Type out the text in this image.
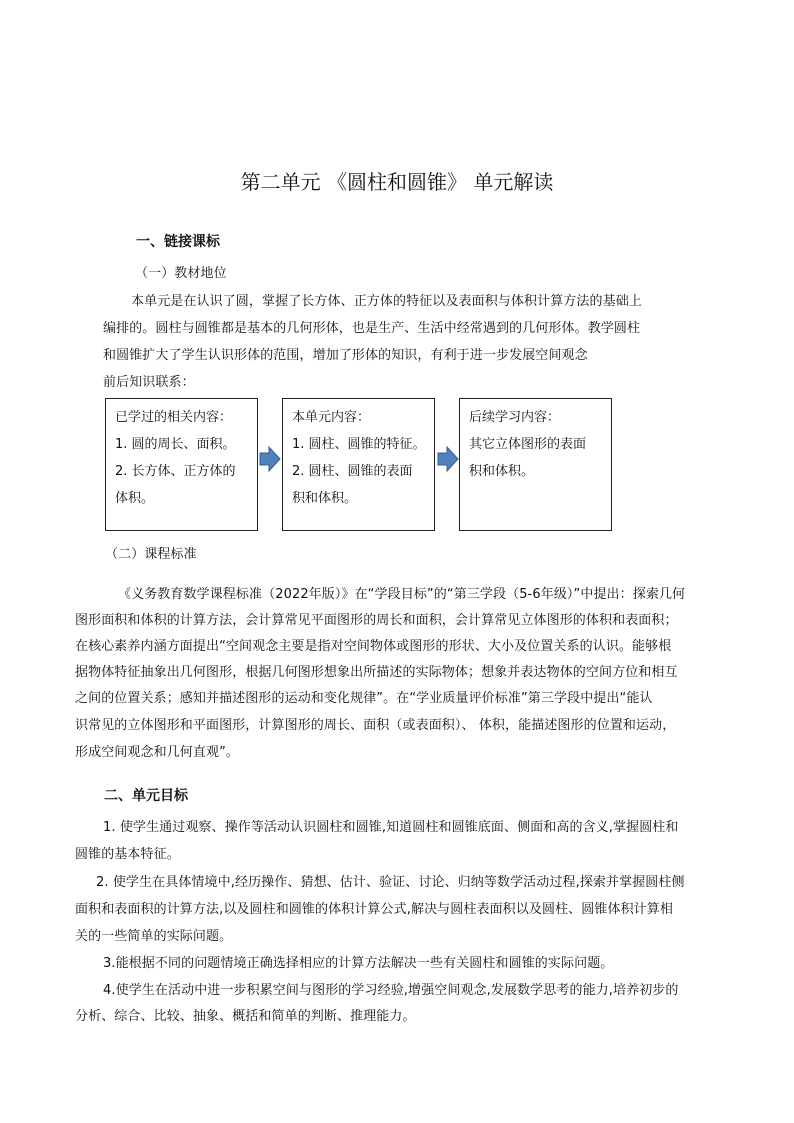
第二单元 《圆柱和圆锥》 单元解读
一、链接课标
（一）教材地位
本单元是在认识了圆，掌握了长方体、正方体的特征以及表面积与体积计算方法的基础上
编排的。圆柱与圆锥都是基本的几何形体，也是生产、生活中经常遇到的几何形体。教学圆柱
和圆锥扩大了学生认识形体的范围，增加了形体的知识，有利于进一步发展空间观念
前后知识联系：
已学过的相关内容：
1. 圆的周长、面积。
2. 长方体、正方体的
体积。
本单元内容：
1. 圆柱、圆锥的特征。
2. 圆柱、圆锥的表面
积和体积。
后续学习内容：
其它立体图形的表面
积和体积。
（二）课程标准
《义务教育数学课程标准（2022年版）》在“学段目标”的“第三学段（5-6年级）”中提出：探索几何
图形面积和体积的计算方法，会计算常见平面图形的周长和面积，会计算常见立体图形的体积和表面积；
在核心素养内涵方面提出“空间观念主要是指对空间物体或图形的形状、大小及位置关系的认识。能够根
据物体特征抽象出几何图形，根据几何图形想象出所描述的实际物体；想象并表达物体的空间方位和相互
之间的位置关系；感知并描述图形的运动和变化规律”。在“学业质量评价标准”第三学段中提出“能认
识常见的立体图形和平面图形，计算图形的周长、面积（或表面积）、 体积，能描述图形的位置和运动，
形成空间观念和几何直观”。
二、单元目标
1. 使学生通过观察、操作等活动认识圆柱和圆锥,知道圆柱和圆锥底面、侧面和高的含义,掌握圆柱和
圆锥的基本特征。
2. 使学生在具体情境中,经历操作、猜想、估计、验证、讨论、归纳等数学活动过程,探索并掌握圆柱侧
面积和表面积的计算方法,以及圆柱和圆锥的体积计算公式,解决与圆柱表面积以及圆柱、圆锥体积计算相
关的一些简单的实际问题。
3.能根据不同的问题情境正确选择相应的计算方法解决一些有关圆柱和圆锥的实际问题。
4.使学生在活动中进一步积累空间与图形的学习经验,增强空间观念,发展数学思考的能力,培养初步的
分析、综合、比较、抽象、概括和简单的判断、推理能力。
